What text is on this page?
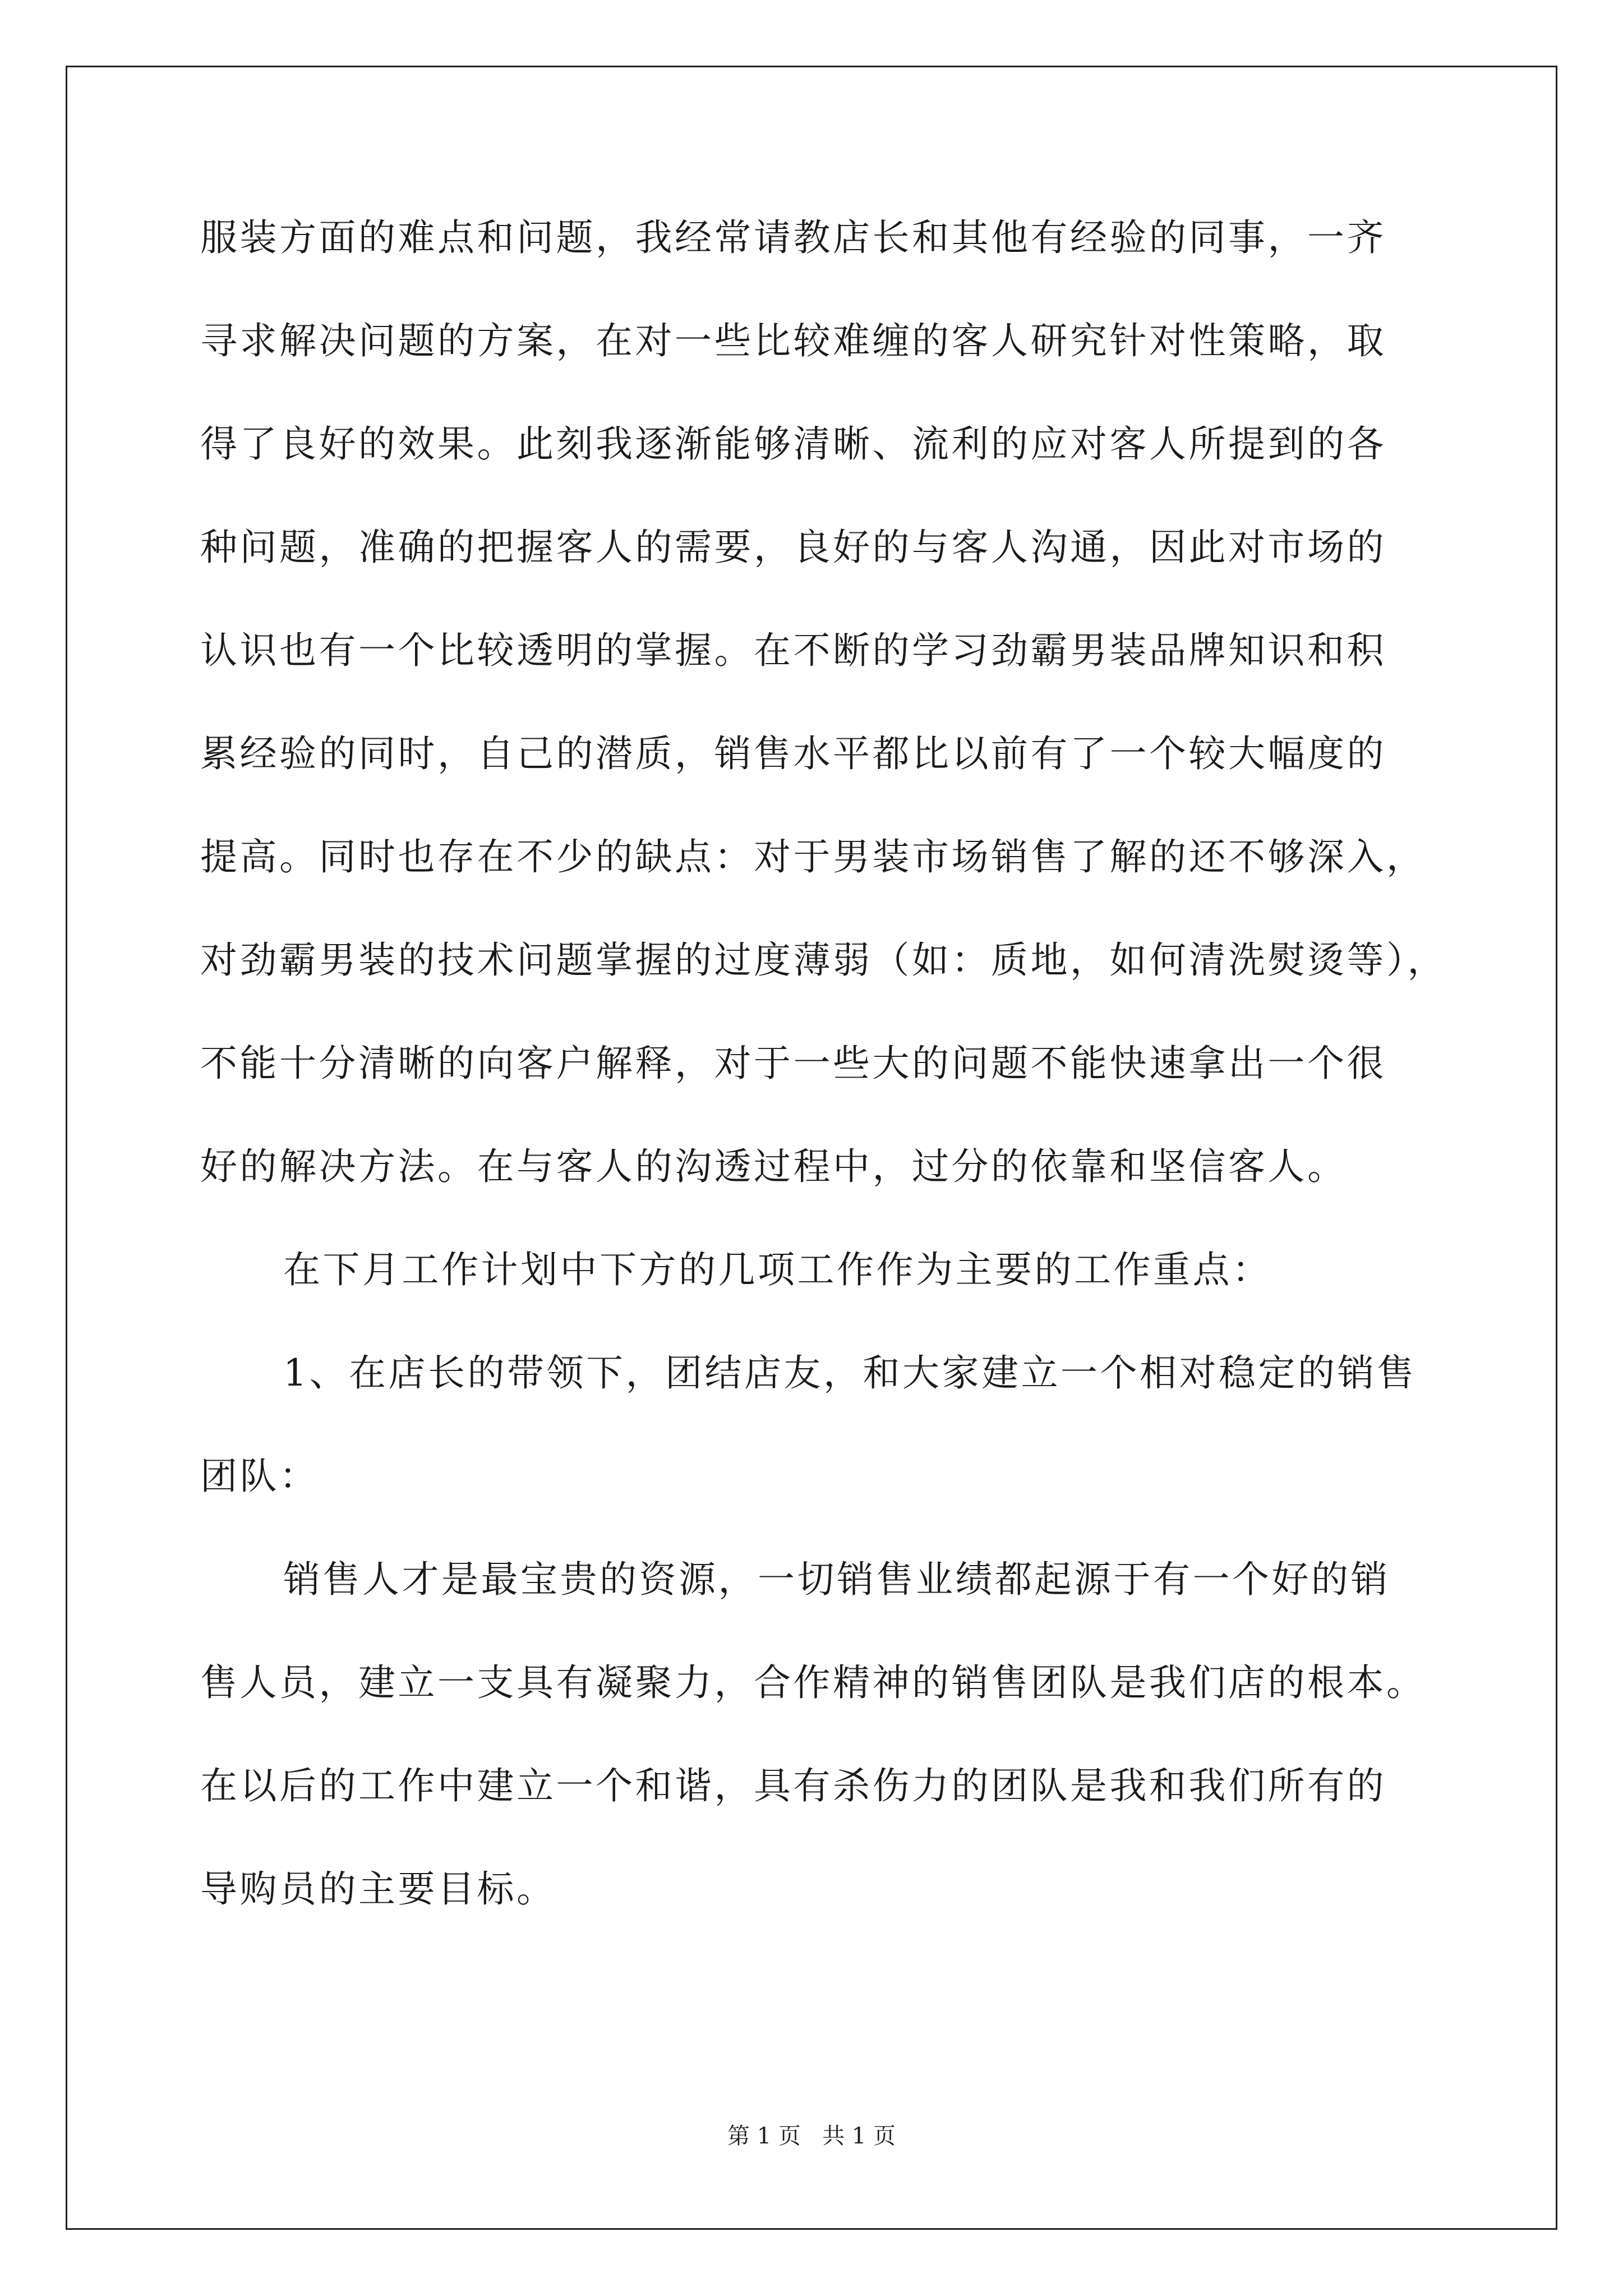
服装方面的难点和问题，我经常请教店长和其他有经验的同事，一齐
寻求解决问题的方案，在对一些比较难缠的客人研究针对性策略，取
得了良好的效果。此刻我逐渐能够清晰、流利的应对客人所提到的各
种问题，准确的把握客人的需要，良好的与客人沟通，因此对市场的
认识也有一个比较透明的掌握。在不断的学习劲霸男装品牌知识和积
累经验的同时，自己的潜质，销售水平都比以前有了一个较大幅度的
提高。同时也存在不少的缺点：对于男装市场销售了解的还不够深入，
对劲霸男装的技术问题掌握的过度薄弱（如：质地，如何清洗熨烫等），
不能十分清晰的向客户解释，对于一些大的问题不能快速拿出一个很
好的解决方法。在与客人的沟透过程中，过分的依靠和坚信客人。
在下月工作计划中下方的几项工作作为主要的工作重点：
1、在店长的带领下，团结店友，和大家建立一个相对稳定的销售
团队：
销售人才是最宝贵的资源，一切销售业绩都起源于有一个好的销
售人员，建立一支具有凝聚力，合作精神的销售团队是我们店的根本。
在以后的工作中建立一个和谐，具有杀伤力的团队是我和我们所有的
导购员的主要目标。
第 1 页   共 1 页
